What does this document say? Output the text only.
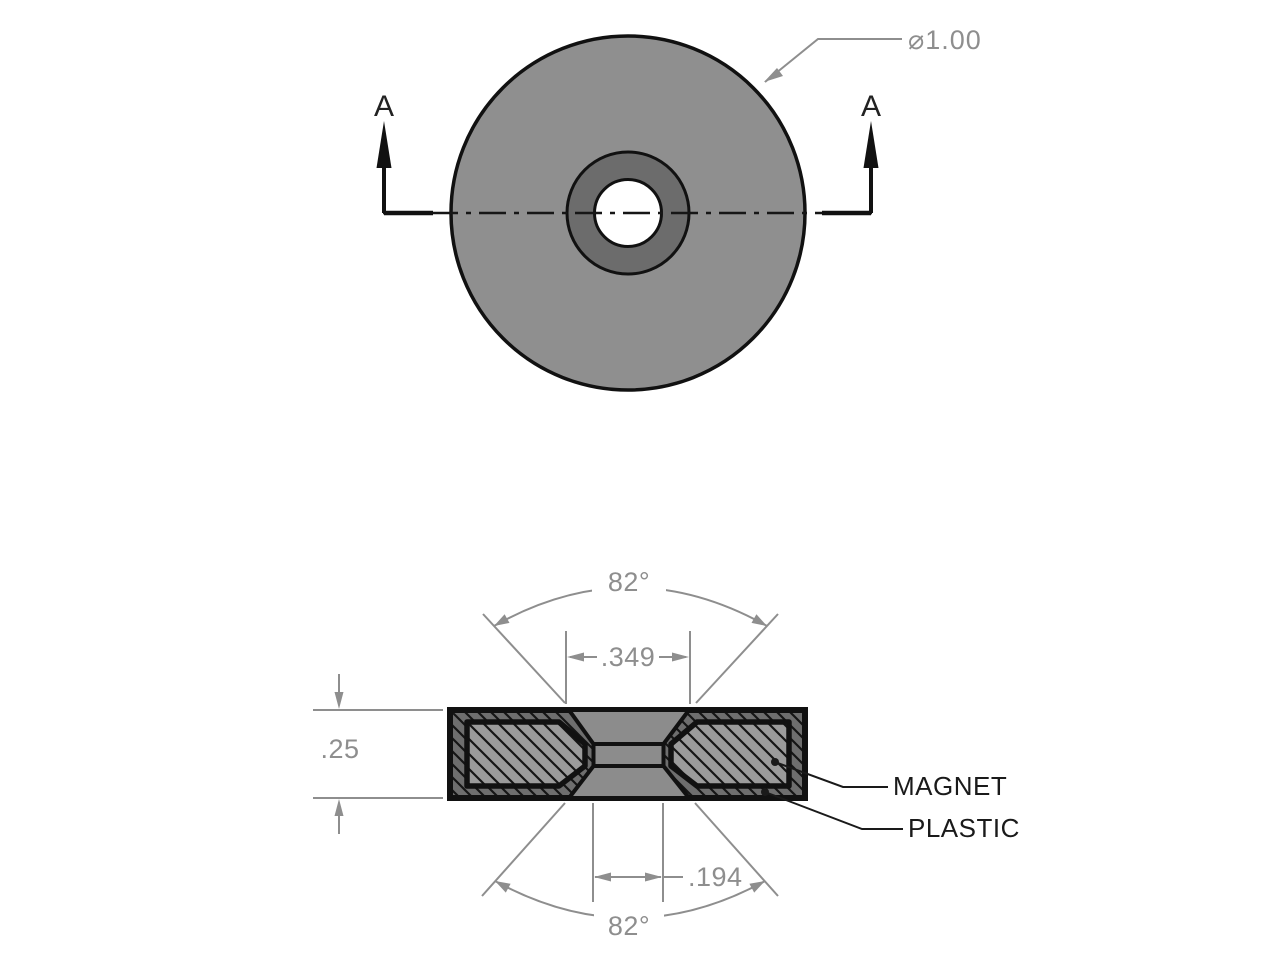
A	A
⌀1.00
.25
.349
82°
.194
82°
MAGNET
PLASTIC
